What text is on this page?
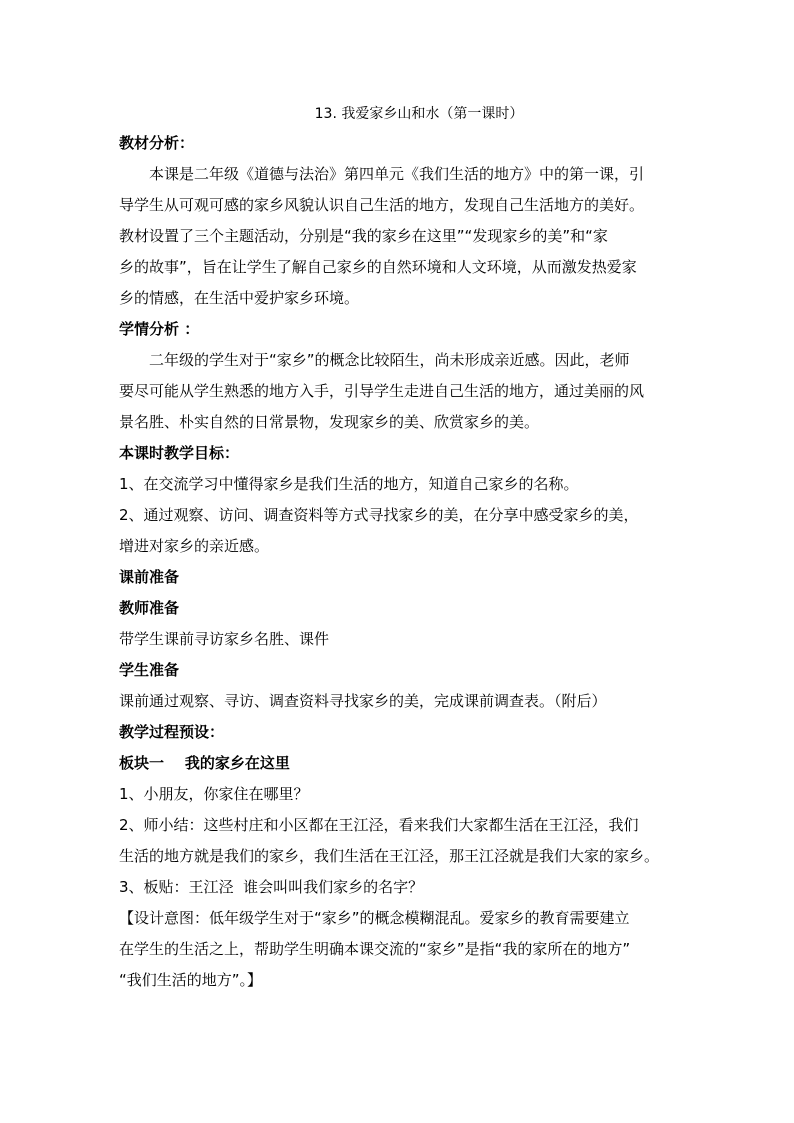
13. 我爱家乡山和水（第一课时）
教材分析：
本课是二年级《道德与法治》第四单元《我们生活的地方》中的第一课，引
导学生从可观可感的家乡风貌认识自己生活的地方，发现自己生活地方的美好。
教材设置了三个主题活动，分别是“我的家乡在这里”“发现家乡的美”和“家
乡的故事”，旨在让学生了解自己家乡的自然环境和人文环境，从而激发热爱家
乡的情感，在生活中爱护家乡环境。
学情分析 ：
二年级的学生对于“家乡”的概念比较陌生，尚未形成亲近感。因此，老师
要尽可能从学生熟悉的地方入手，引导学生走进自己生活的地方，通过美丽的风
景名胜、朴实自然的日常景物，发现家乡的美、欣赏家乡的美。
本课时教学目标：
1、在交流学习中懂得家乡是我们生活的地方，知道自己家乡的名称。
2、通过观察、访问、调查资料等方式寻找家乡的美，在分享中感受家乡的美，
增进对家乡的亲近感。
课前准备
教师准备
带学生课前寻访家乡名胜、课件
学生准备
课前通过观察、寻访、调查资料寻找家乡的美，完成课前调查表。（附后）
教学过程预设：
板块一    我的家乡在这里
1、小朋友，你家住在哪里？
2、师小结：这些村庄和小区都在王江泾，看来我们大家都生活在王江泾，我们
生活的地方就是我们的家乡，我们生活在王江泾，那王江泾就是我们大家的家乡。
3、板贴：王江泾  谁会叫叫我们家乡的名字？
【设计意图：低年级学生对于“家乡”的概念模糊混乱。爱家乡的教育需要建立
在学生的生活之上，帮助学生明确本课交流的“家乡”是指“我的家所在的地方”
“我们生活的地方”。】
